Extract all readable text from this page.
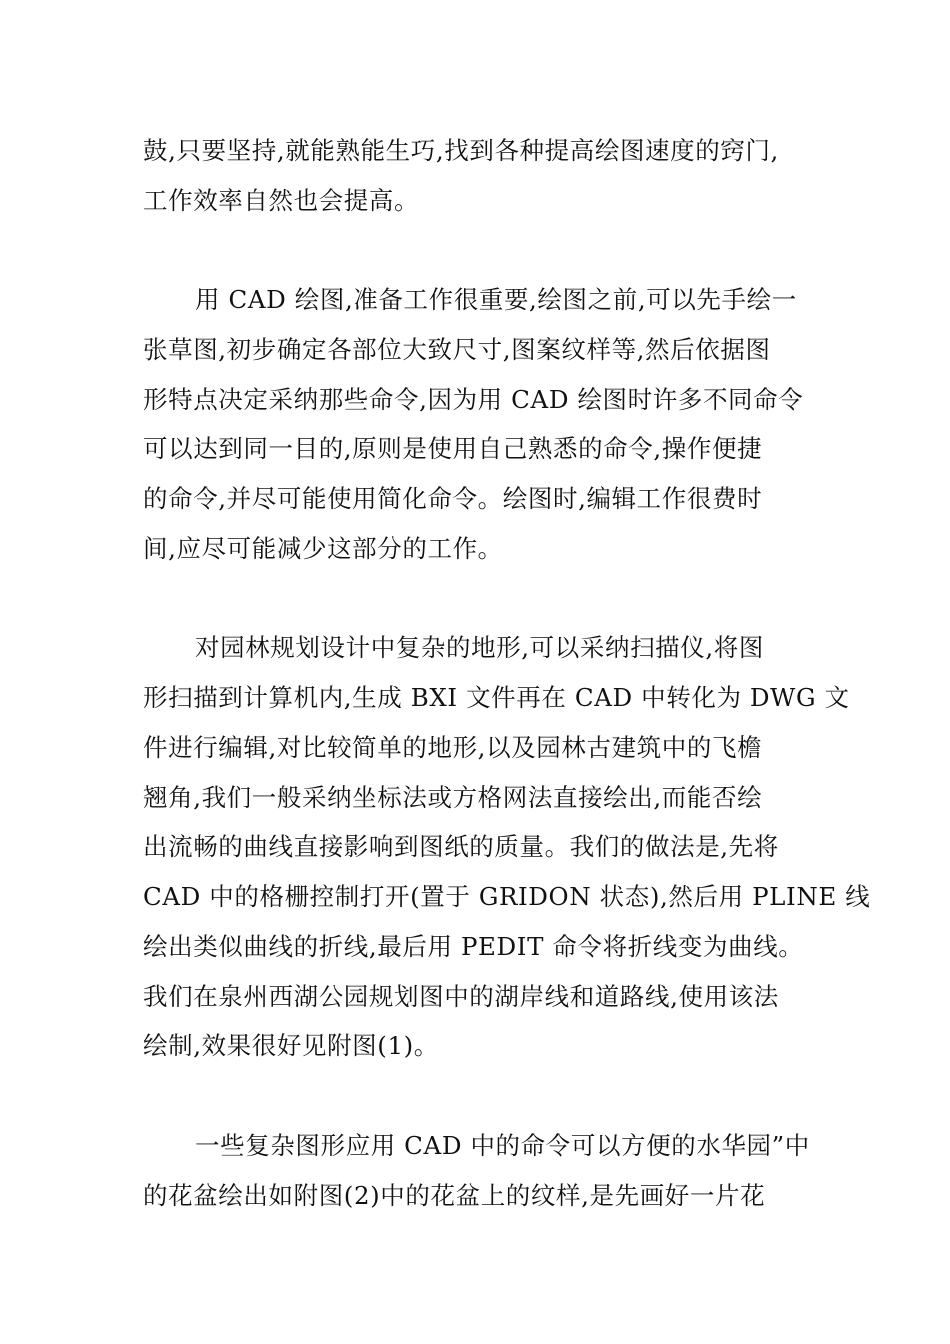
鼓,只要坚持,就能熟能生巧,找到各种提高绘图速度的窍门,
工作效率自然也会提高。
用 CAD 绘图,准备工作很重要,绘图之前,可以先手绘一
张草图,初步确定各部位大致尺寸,图案纹样等,然后依据图
形特点决定采纳那些命令,因为用 CAD 绘图时许多不同命令
可以达到同一目的,原则是使用自己熟悉的命令,操作便捷
的命令,并尽可能使用简化命令。绘图时,编辑工作很费时
间,应尽可能减少这部分的工作。
对园林规划设计中复杂的地形,可以采纳扫描仪,将图
形扫描到计算机内,生成 BXI 文件再在 CAD 中转化为 DWG 文
件进行编辑,对比较简单的地形,以及园林古建筑中的飞檐
翘角,我们一般采纳坐标法或方格网法直接绘出,而能否绘
出流畅的曲线直接影响到图纸的质量。我们的做法是,先将
CAD 中的格栅控制打开(置于 GRIDON 状态),然后用 PLINE 线
绘出类似曲线的折线,最后用 PEDIT 命令将折线变为曲线。
我们在泉州西湖公园规划图中的湖岸线和道路线,使用该法
绘制,效果很好见附图(1)。
一些复杂图形应用 CAD 中的命令可以方便的水华园”中
的花盆绘出如附图(2)中的花盆上的纹样,是先画好一片花
